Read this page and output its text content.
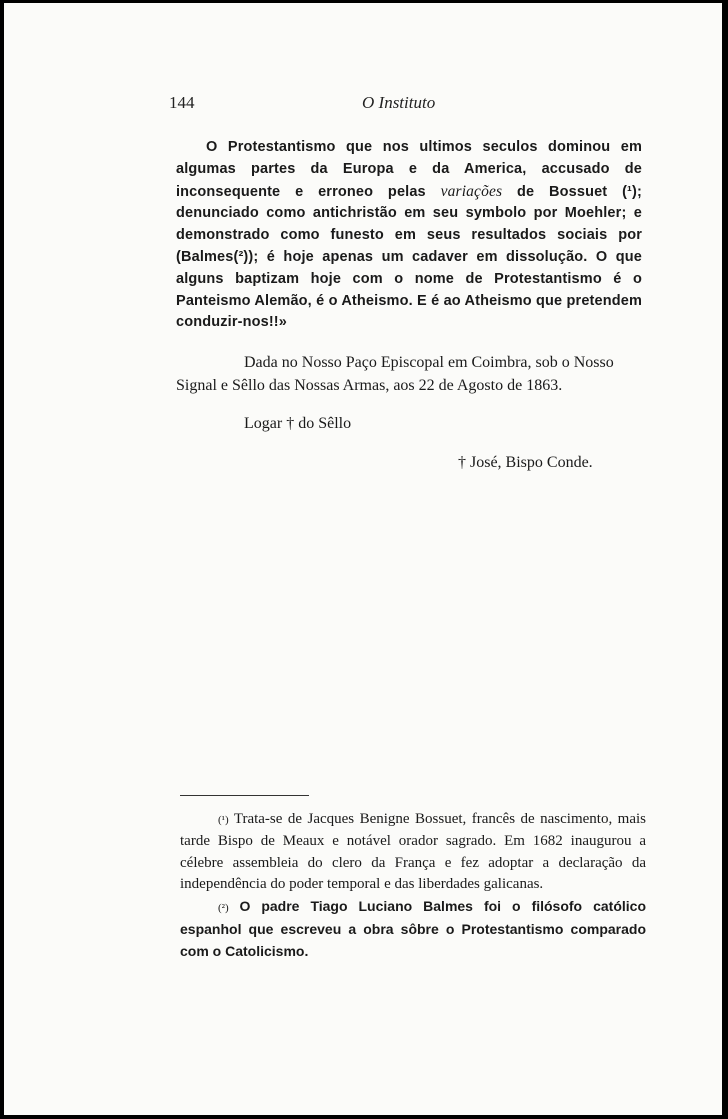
144	O Instituto

O Protestantismo que nos ultimos seculos dominou em algumas partes da Europa e da America, accusado de inconsequente e erroneo pelas variações de Bossuet (¹); denunciado como antichristão em seu symbolo por Moehler; e demonstrado como funesto em seus resultados sociais por (Balmes(²)); é hoje apenas um cadaver em dissolução. O que alguns baptizam hoje com o nome de Protestantismo é o Panteismo Alemão, é o Atheismo. E é ao Atheismo que pretendem conduzir-nos!!»

Dada no Nosso Paço Episcopal em Coimbra, sob o Nosso
Signal e Sêllo das Nossas Armas, aos 22 de Agosto de 1863.

Logar † do Sêllo

† José, Bispo Conde.

(¹) Trata-se de Jacques Benigne Bossuet, francês de nascimento, mais tarde Bispo de Meaux e notável orador sagrado. Em 1682 inaugurou a célebre assembleia do clero da França e fez adoptar a declaração da independência do poder temporal e das liberdades galicanas.

(²) O padre Tiago Luciano Balmes foi o filósofo católico espanhol que escreveu a obra sôbre o Protestantismo comparado com o Catolicismo.
